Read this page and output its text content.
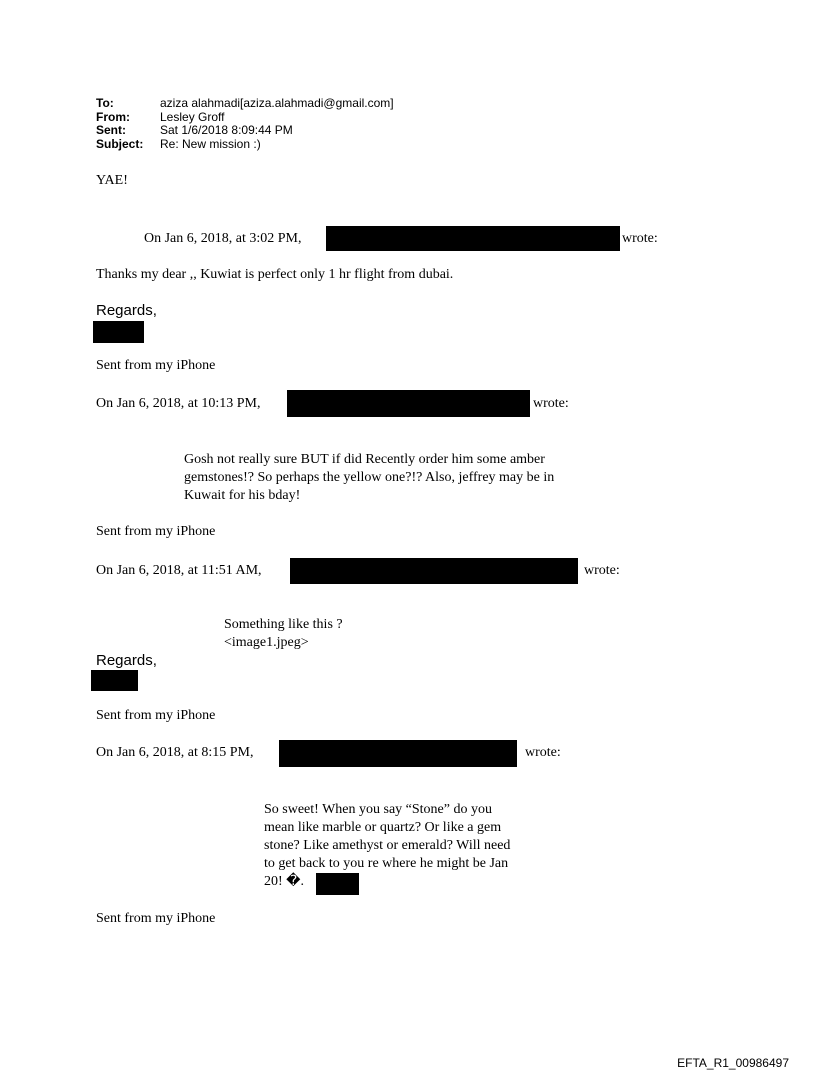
To:	aziza alahmadi[aziza.alahmadi@gmail.com]
From:	Lesley Groff
Sent:	Sat 1/6/2018 8:09:44 PM
Subject:	Re: New mission :)
YAE!
On Jan 6, 2018, at 3:02 PM,	wrote:
Thanks my dear ,, Kuwiat is perfect only 1 hr flight from dubai.
Regards,
Sent from my iPhone
On Jan 6, 2018, at 10:13 PM,	wrote:
Gosh not really sure BUT if did Recently order him some amber
gemstones!? So perhaps the yellow one?!? Also, jeffrey may be in
Kuwait for his bday!
Sent from my iPhone
On Jan 6, 2018, at 11:51 AM,	wrote:
Something like this ?
<image1.jpeg>
Regards,
Sent from my iPhone
On Jan 6, 2018, at 8:15 PM,	wrote:
So sweet! When you say “Stone” do you
mean like marble or quartz? Or like a gem
stone? Like amethyst or emerald? Will need
to get back to you re where he might be Jan
20! �.
Sent from my iPhone
EFTA_R1_00986497
